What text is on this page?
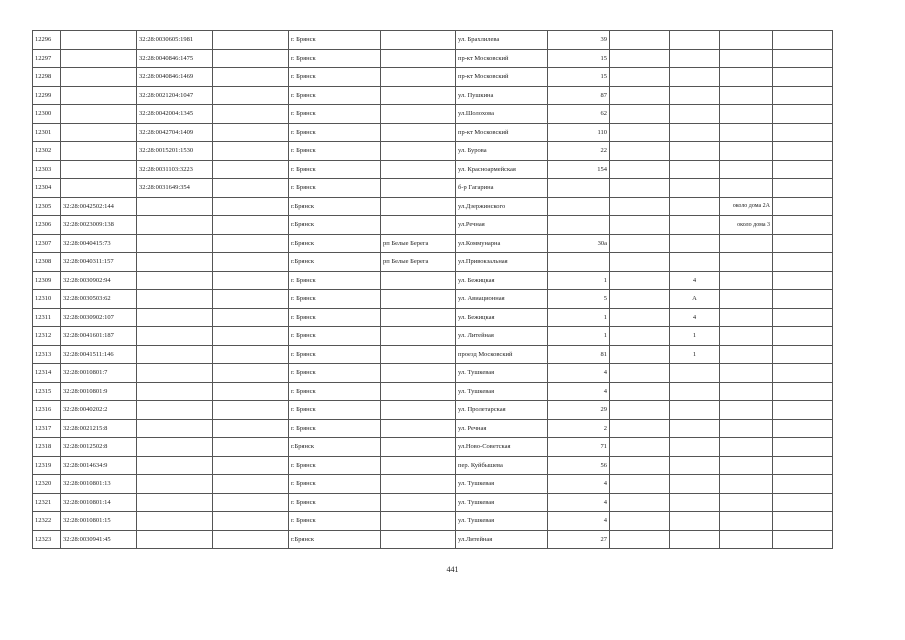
12296		32:28:0030605:1981		г. Брянск		ул. Брахлилева	39				
12297		32:28:0040846:1475		г. Брянск		пр-кт Московский	15				
12298		32:28:0040846:1469		г. Брянск		пр-кт Московский	15				
12299		32:28:0021204:1047		г. Брянск		ул. Пушкина	87				
12300		32:28:0042004:1345		г. Брянск		ул.Шолохова	62				
12301		32:28:0042704:1409		г. Брянск		пр-кт Московский	110				
12302		32:28:0015201:1530		г. Брянск		ул. Бурова	22				
12303		32:28:0031103:3223		г. Брянск		ул. Красноармейская	154				
12304		32:28:0031649:354		г. Брянск		б-р Гагарина					
12305	32:28:0042502:144			г.Брянск		ул.Дзержинского				около дома 2А	
12306	32:28:0023009:138			г.Брянск		ул.Речная				около дома 3	
12307	32:28:0040415:73			г.Брянск	рп Белые Берега	ул.Коммунарна	30а				
12308	32:28:0040311:157			г.Брянск	рп Белые Берега	ул.Привокзальная					
12309	32:28:0030902:94			г. Брянск		ул. Бежицкая	1		4		
12310	32:28:0030503:62			г. Брянск		ул. Авиационная	5		А		
12311	32:28:0030902:107			г. Брянск		ул. Бежицкая	1		4		
12312	32:28:0041601:187			г. Брянск		ул. Литейная	1		1		
12313	32:28:0041511:146			г. Брянск		проезд Московский	81		1		
12314	32:28:0010801:7			г. Брянск		ул. Тушкевая	4				
12315	32:28:0010801:9			г. Брянск		ул. Тушкевая	4				
12316	32:28:0040202:2			г. Брянск		ул. Пролетарская	29				
12317	32:28:0021215:8			г. Брянск		ул. Речная	2				
12318	32:28:0012502:8			г.Брянск		ул.Ново-Советская	71				
12319	32:28:0014634:9			г. Брянск		пер. Куйбышева	56				
12320	32:28:0010801:13			г. Брянск		ул. Тушкевая	4				
12321	32:28:0010801:14			г. Брянск		ул. Тушкевая	4				
12322	32:28:0010801:15			г. Брянск		ул. Тушкевая	4				
12323	32:28:0030941:45			г.Брянск		ул.Литейная	27				
441
